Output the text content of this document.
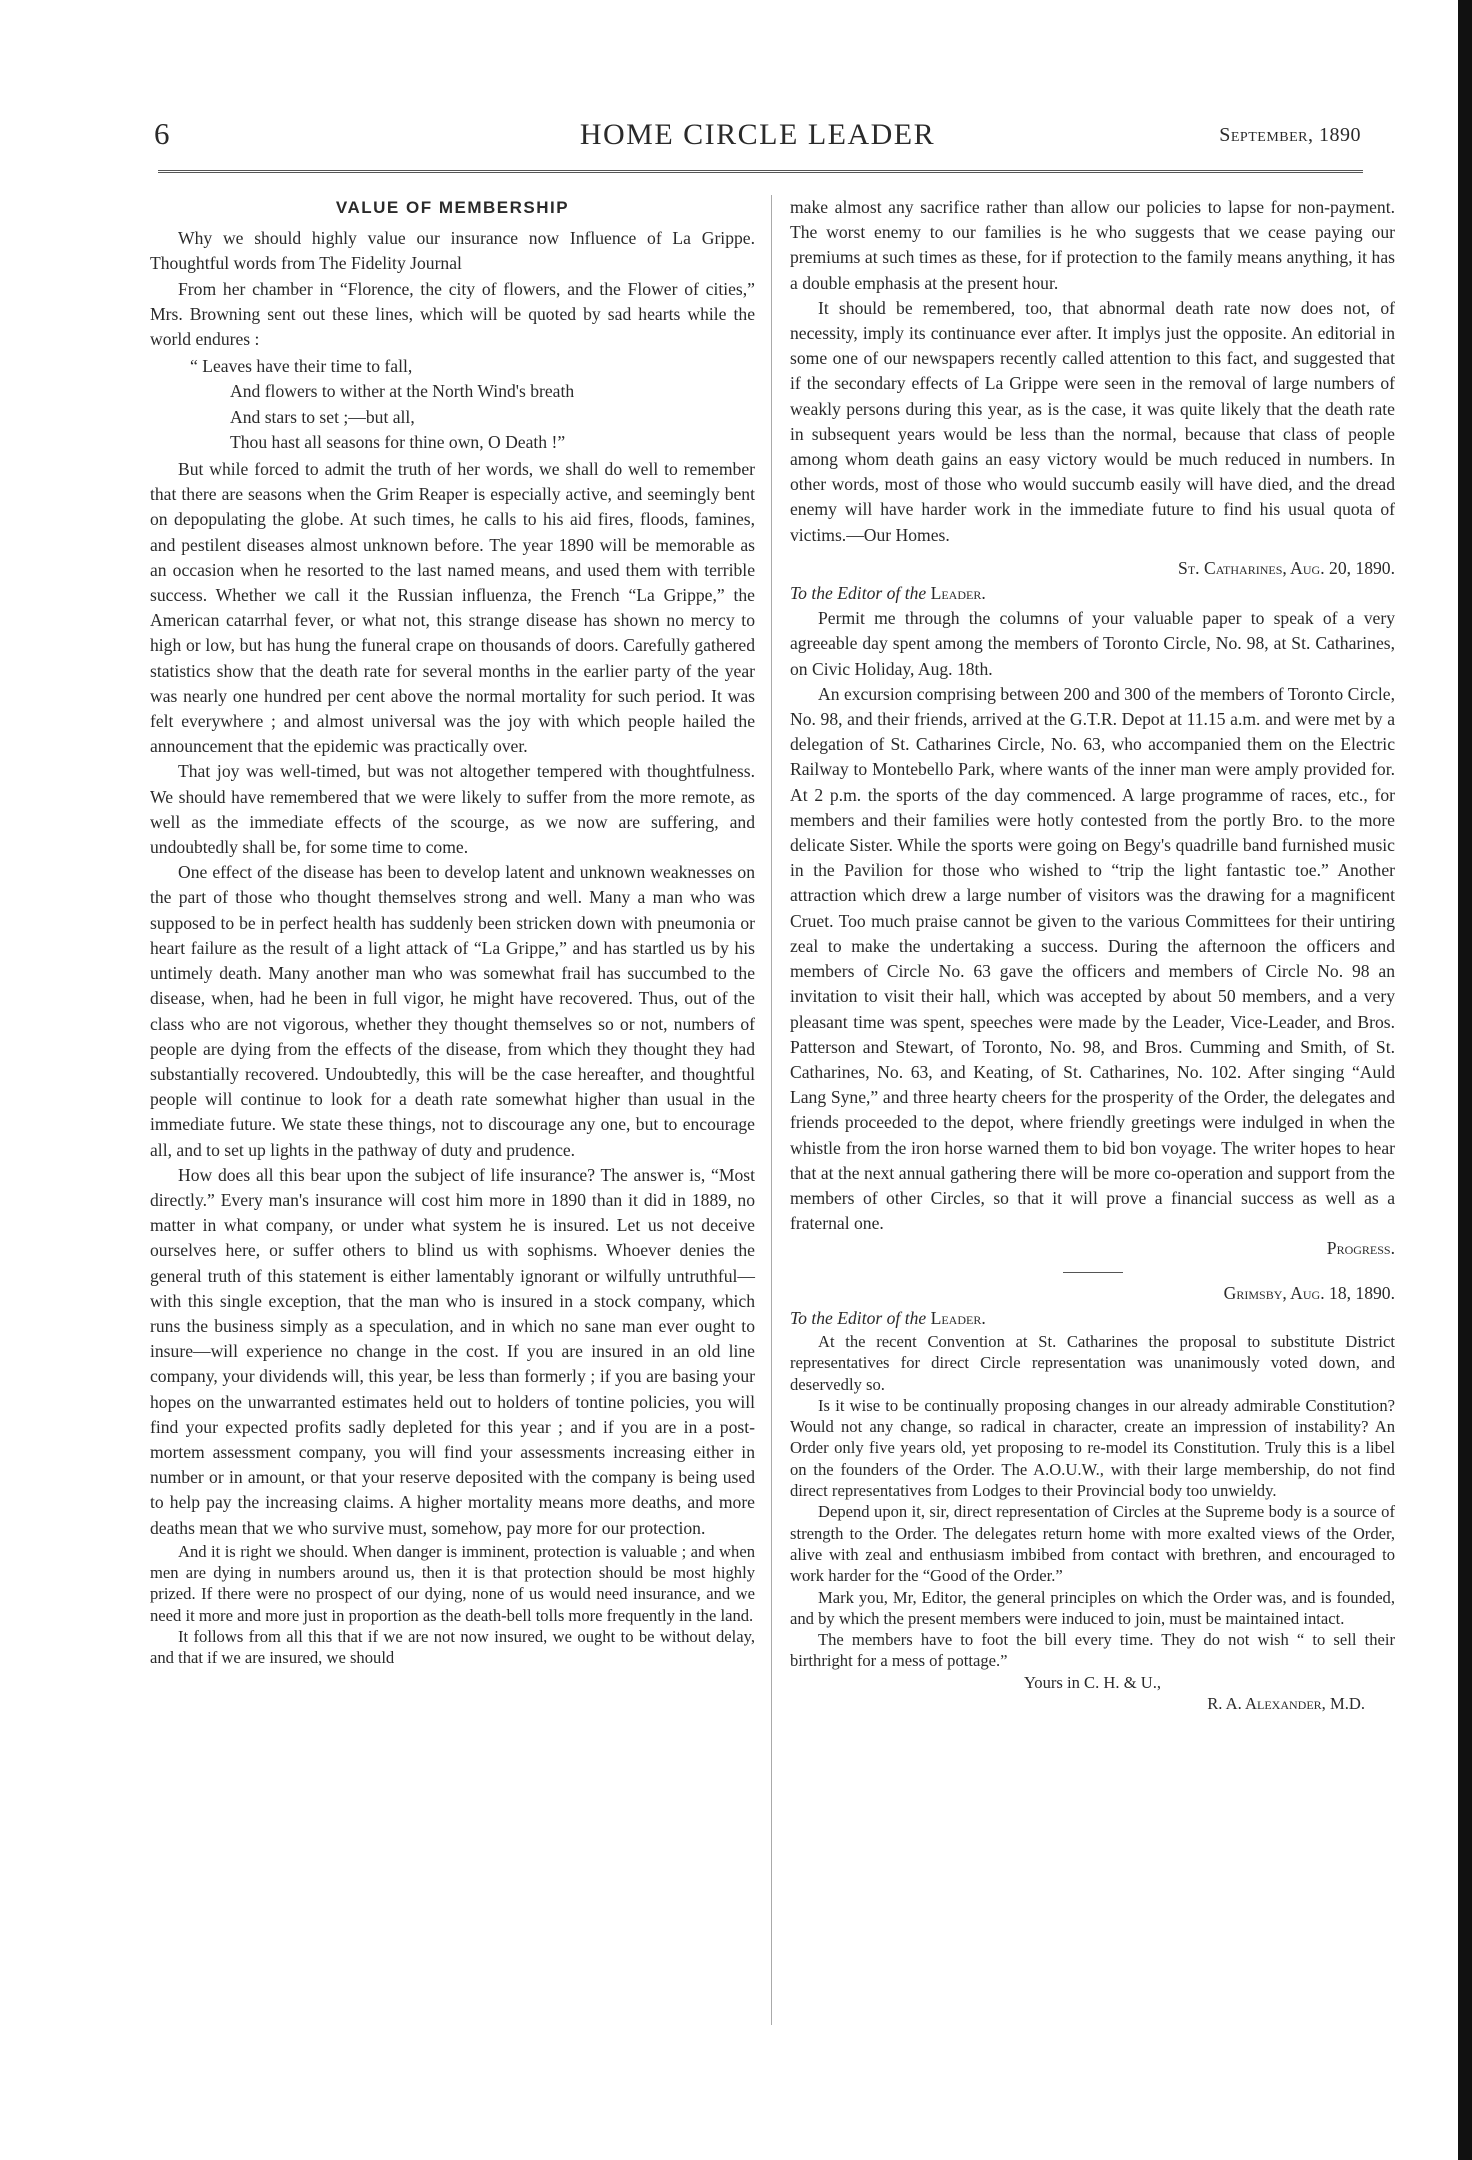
6	HOME CIRCLE LEADER	September, 1890
VALUE OF MEMBERSHIP

Why we should highly value our insurance now Influence of La Grippe. Thoughtful words from The Fidelity Journal

From her chamber in “Florence, the city of flowers, and the Flower of cities,” Mrs. Browning sent out these lines, which will be quoted by sad hearts while the world endures :

“ Leaves have their time to fall,
And flowers to wither at the North Wind's breath
And stars to set ;—but all,
Thou hast all seasons for thine own, O Death !”

But while forced to admit the truth of her words, we shall do well to remember that there are seasons when the Grim Reaper is especially active, and seemingly bent on depopulating the globe. At such times, he calls to his aid fires, floods, famines, and pestilent diseases almost unknown before. The year 1890 will be memorable as an occasion when he resorted to the last named means, and used them with terrible success. Whether we call it the Russian influenza, the French “La Grippe,” the American catarrhal fever, or what not, this strange disease has shown no mercy to high or low, but has hung the funeral crape on thousands of doors. Carefully gathered statistics show that the death rate for several months in the earlier party of the year was nearly one hundred per cent above the normal mortality for such period. It was felt everywhere ; and almost universal was the joy with which people hailed the announcement that the epidemic was practically over.

That joy was well-timed, but was not altogether tempered with thoughtfulness. We should have remembered that we were likely to suffer from the more remote, as well as the immediate effects of the scourge, as we now are suffering, and undoubtedly shall be, for some time to come.

One effect of the disease has been to develop latent and unknown weaknesses on the part of those who thought themselves strong and well. Many a man who was supposed to be in perfect health has suddenly been stricken down with pneumonia or heart failure as the result of a light attack of “La Grippe,” and has startled us by his untimely death. Many another man who was somewhat frail has succumbed to the disease, when, had he been in full vigor, he might have recovered. Thus, out of the class who are not vigorous, whether they thought themselves so or not, numbers of people are dying from the effects of the disease, from which they thought they had substantially recovered. Undoubtedly, this will be the case hereafter, and thoughtful people will continue to look for a death rate somewhat higher than usual in the immediate future. We state these things, not to discourage any one, but to encourage all, and to set up lights in the pathway of duty and prudence.

How does all this bear upon the subject of life insurance? The answer is, “Most directly.” Every man's insurance will cost him more in 1890 than it did in 1889, no matter in what company, or under what system he is insured. Let us not deceive ourselves here, or suffer others to blind us with sophisms. Whoever denies the general truth of this statement is either lamentably ignorant or wilfully untruthful—with this single exception, that the man who is insured in a stock company, which runs the business simply as a speculation, and in which no sane man ever ought to insure—will experience no change in the cost. If you are insured in an old line company, your dividends will, this year, be less than formerly ; if you are basing your hopes on the unwarranted estimates held out to holders of tontine policies, you will find your expected profits sadly depleted for this year ; and if you are in a post-mortem assessment company, you will find your assessments increasing either in number or in amount, or that your reserve deposited with the company is being used to help pay the increasing claims. A higher mortality means more deaths, and more deaths mean that we who survive must, somehow, pay more for our protection.

And it is right we should. When danger is imminent, protection is valuable ; and when men are dying in numbers around us, then it is that protection should be most highly prized. If there were no prospect of our dying, none of us would need insurance, and we need it more and more just in proportion as the death-bell tolls more frequently in the land.

It follows from all this that if we are not now insured, we ought to be without delay, and that if we are insured, we should

make almost any sacrifice rather than allow our policies to lapse for non-payment. The worst enemy to our families is he who suggests that we cease paying our premiums at such times as these, for if protection to the family means anything, it has a double emphasis at the present hour.

It should be remembered, too, that abnormal death rate now does not, of necessity, imply its continuance ever after. It implys just the opposite. An editorial in some one of our newspapers recently called attention to this fact, and suggested that if the secondary effects of La Grippe were seen in the removal of large numbers of weakly persons during this year, as is the case, it was quite likely that the death rate in subsequent years would be less than the normal, because that class of people among whom death gains an easy victory would be much reduced in numbers. In other words, most of those who would succumb easily will have died, and the dread enemy will have harder work in the immediate future to find his usual quota of victims.—Our Homes.

St. Catharines, Aug. 20, 1890.

To the Editor of the Leader.

Permit me through the columns of your valuable paper to speak of a very agreeable day spent among the members of Toronto Circle, No. 98, at St. Catharines, on Civic Holiday, Aug. 18th.

An excursion comprising between 200 and 300 of the members of Toronto Circle, No. 98, and their friends, arrived at the G.T.R. Depot at 11.15 a.m. and were met by a delegation of St. Catharines Circle, No. 63, who accompanied them on the Electric Railway to Montebello Park, where wants of the inner man were amply provided for. At 2 p.m. the sports of the day commenced. A large programme of races, etc., for members and their families were hotly contested from the portly Bro. to the more delicate Sister. While the sports were going on Begy's quadrille band furnished music in the Pavilion for those who wished to “trip the light fantastic toe.” Another attraction which drew a large number of visitors was the drawing for a magnificent Cruet. Too much praise cannot be given to the various Committees for their untiring zeal to make the undertaking a success. During the afternoon the officers and members of Circle No. 63 gave the officers and members of Circle No. 98 an invitation to visit their hall, which was accepted by about 50 members, and a very pleasant time was spent, speeches were made by the Leader, Vice-Leader, and Bros. Patterson and Stewart, of Toronto, No. 98, and Bros. Cumming and Smith, of St. Catharines, No. 63, and Keating, of St. Catharines, No. 102. After singing “Auld Lang Syne,” and three hearty cheers for the prosperity of the Order, the delegates and friends proceeded to the depot, where friendly greetings were indulged in when the whistle from the iron horse warned them to bid bon voyage. The writer hopes to hear that at the next annual gathering there will be more co-operation and support from the members of other Circles, so that it will prove a financial success as well as a fraternal one.

Progress.
Grimsby, Aug. 18, 1890.

To the Editor of the Leader.

At the recent Convention at St. Catharines the proposal to substitute District representatives for direct Circle representation was unanimously voted down, and deservedly so.

Is it wise to be continually proposing changes in our already admirable Constitution? Would not any change, so radical in character, create an impression of instability? An Order only five years old, yet proposing to re-model its Constitution. Truly this is a libel on the founders of the Order. The A.O.U.W., with their large membership, do not find direct representatives from Lodges to their Provincial body too unwieldy.

Depend upon it, sir, direct representation of Circles at the Supreme body is a source of strength to the Order. The delegates return home with more exalted views of the Order, alive with zeal and enthusiasm imbibed from contact with brethren, and encouraged to work harder for the “Good of the Order.”

Mark you, Mr, Editor, the general principles on which the Order was, and is founded, and by which the present members were induced to join, must be maintained intact.

The members have to foot the bill every time. They do not wish “ to sell their birthright for a mess of pottage.”

Yours in C. H. & U.,

R. A. Alexander, M.D.
